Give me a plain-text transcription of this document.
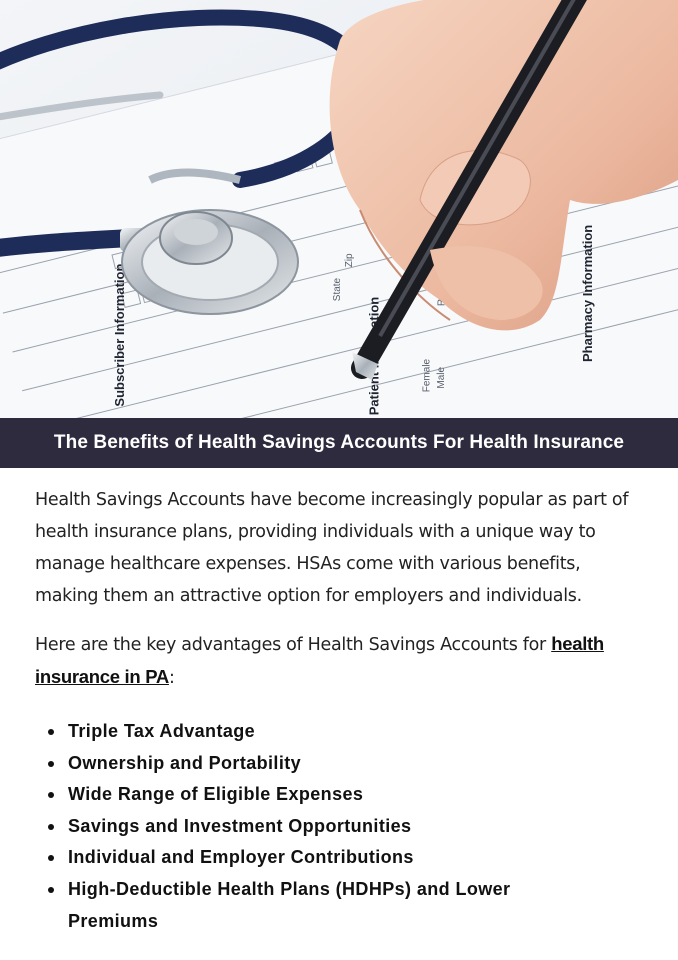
Subscriber Information	Pharmacy Information
Male
Female
State
Zip
The Benefits of Health Savings Accounts For Health Insurance

Health Savings Accounts have become increasingly popular as part of health insurance plans, providing individuals with a unique way to manage healthcare expenses. HSAs come with various benefits, making them an attractive option for employers and individuals.

Here are the key advantages of Health Savings Accounts for health insurance in PA:

Triple Tax Advantage
Ownership and Portability
Wide Range of Eligible Expenses
Savings and Investment Opportunities
Individual and Employer Contributions
High-Deductible Health Plans (HDHPs) and Lower Premiums
